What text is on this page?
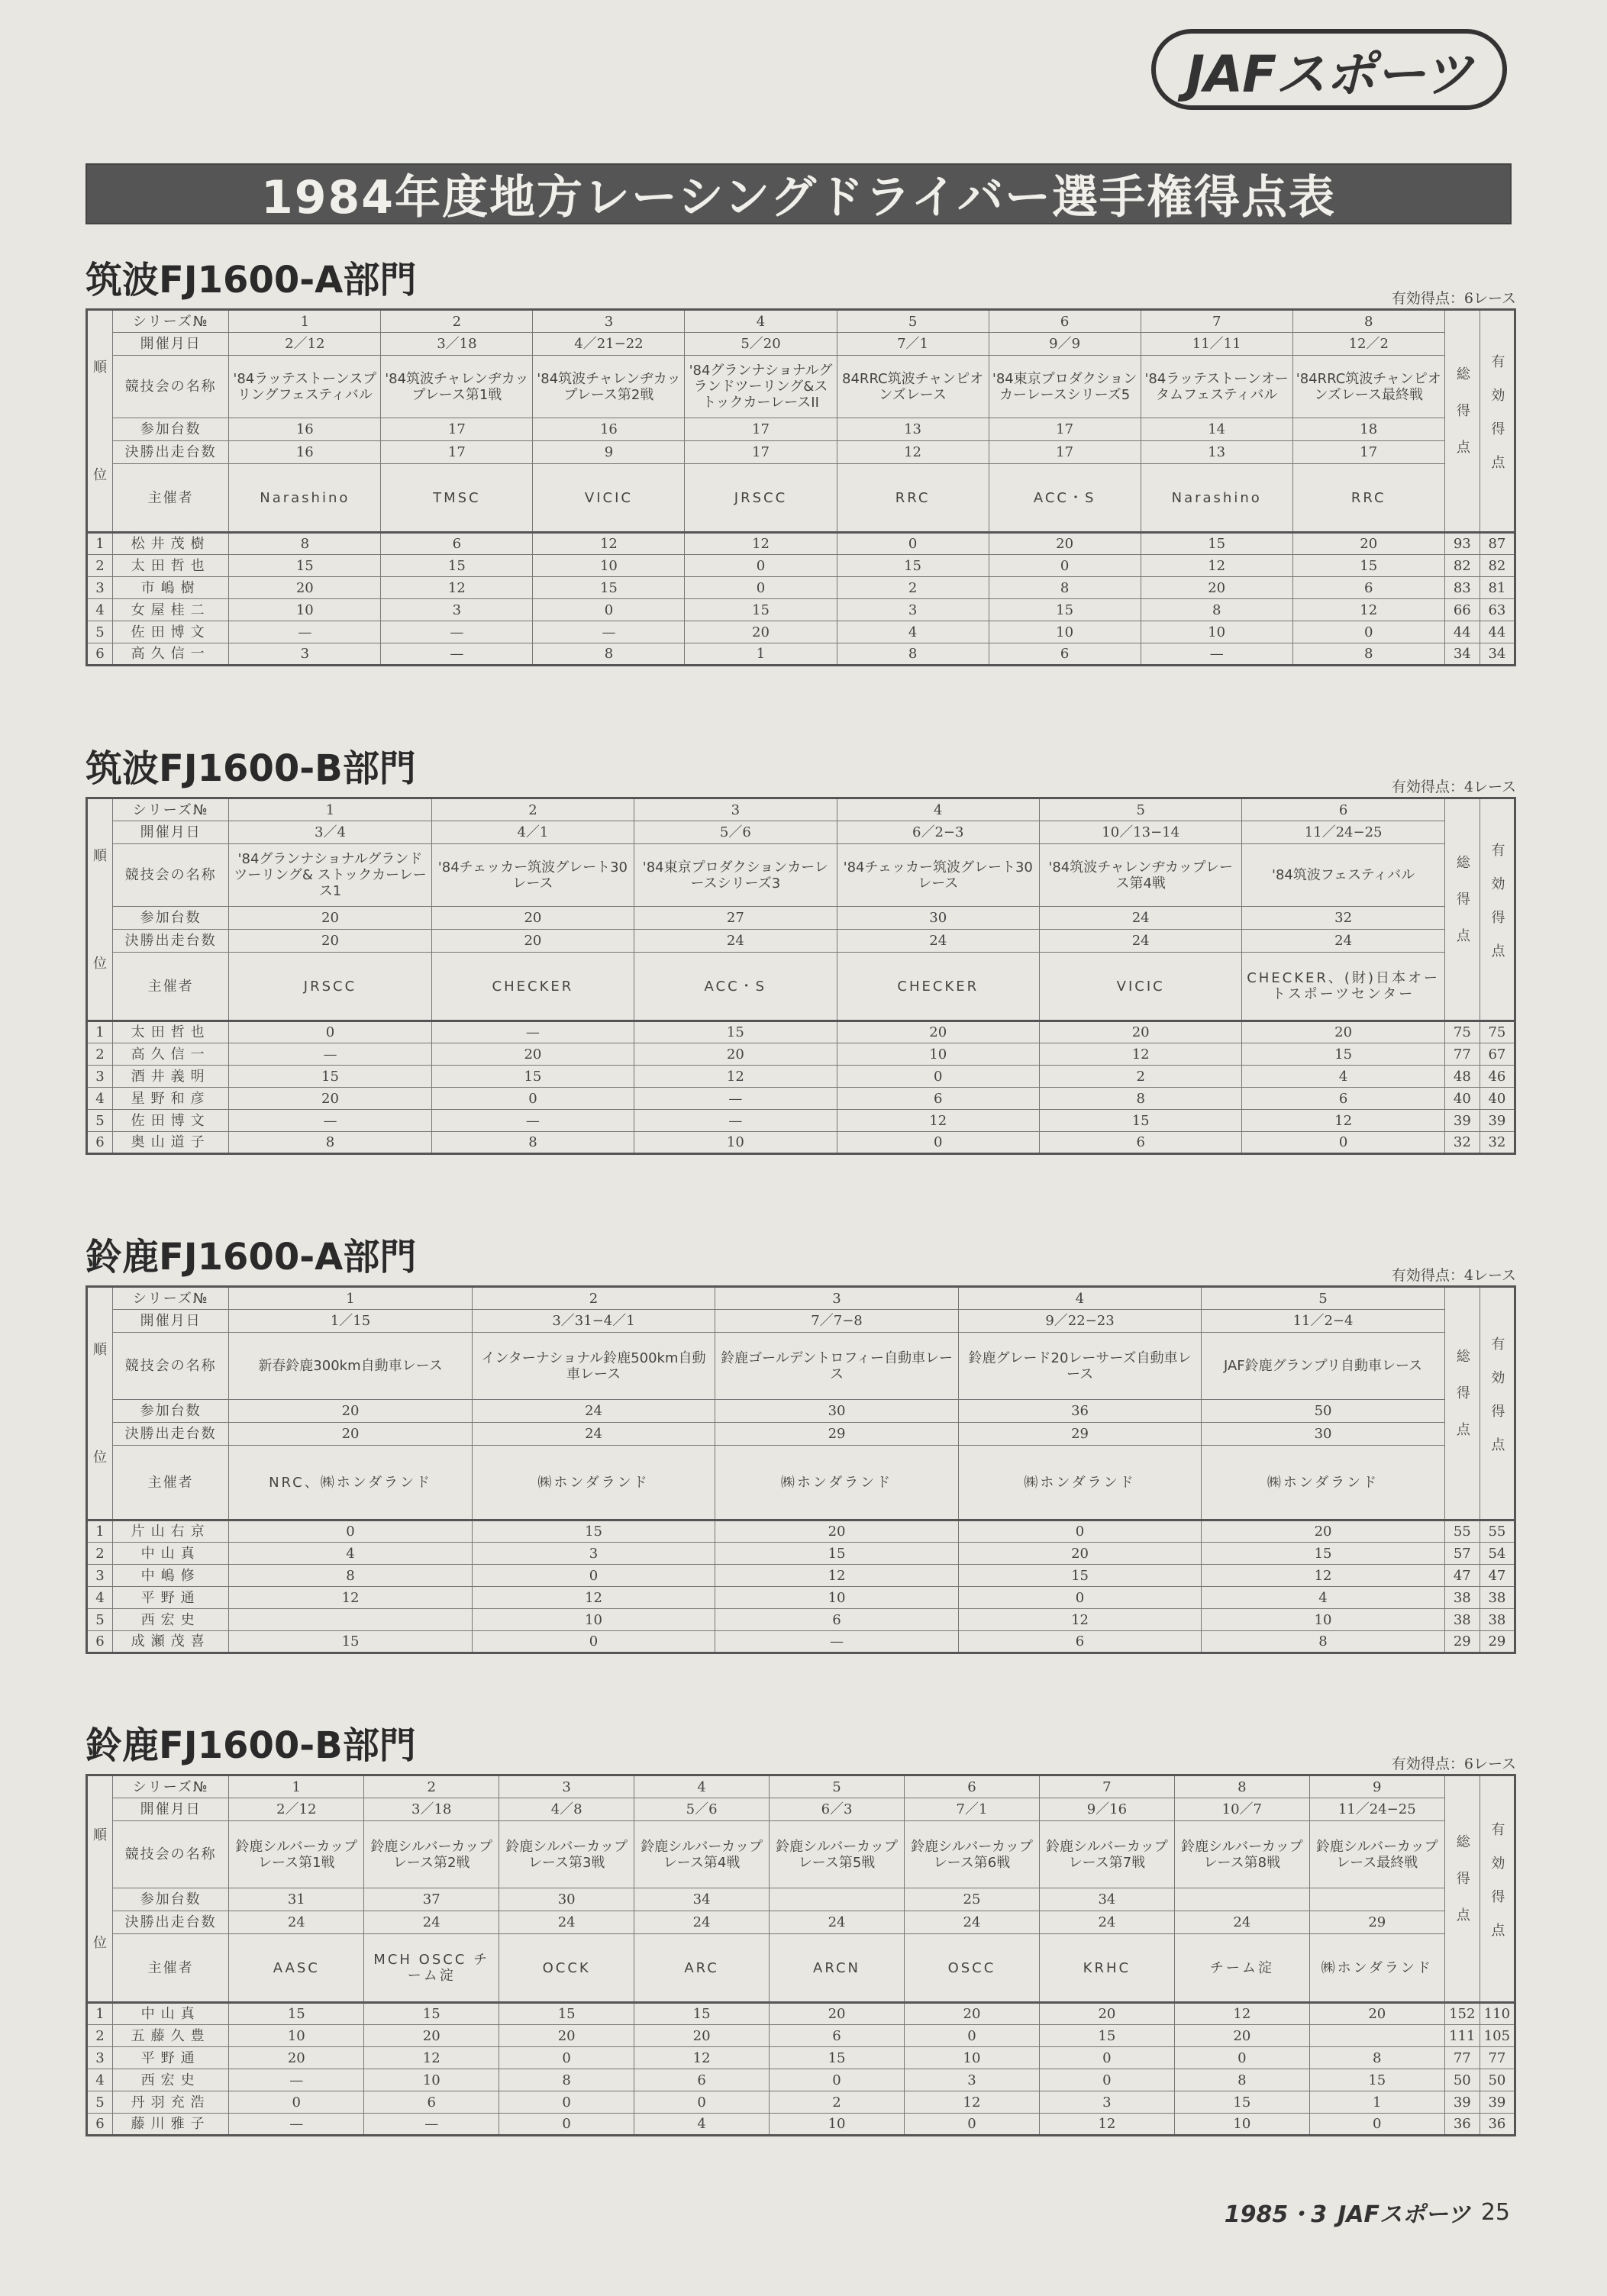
JAFスポーツ
1984年度地方レーシングドライバー選手権得点表
筑波FJ1600-A部門	有効得点：6レース
順
位	シリーズ№	1	2	3	4	5	6	7	8	総得点	有効得点
	開催月日	2／12	3／18	4／21−22	5／20	7／1	9／9	11／11	12／2		
	競技会の名称	'84ラッテストーンスプリングフェスティバル	'84筑波チャレンヂカップレース第1戦	'84筑波チャレンヂカップレース第2戦	'84グランナショナルグランドツーリング&ストックカーレースII	84RRC筑波チャンピオンズレース	'84東京プロダクションカーレースシリーズ5	'84ラッテストーンオータムフェスティバル	'84RRC筑波チャンピオンズレース最終戦		
	参加台数	16	17	16	17	13	17	14	18		
	決勝出走台数	16	17	9	17	12	17	13	17		
	主催者	Narashino	TMSC	VICIC	JRSCC	RRC	ACC・S	Narashino	RRC		
1	松井茂樹	8	6	12	12	0	20	15	20	93	87
2	太田哲也	15	15	10	0	15	0	12	15	82	82
3	市嶋樹	20	12	15	0	2	8	20	6	83	81
4	女屋桂二	10	3	0	15	3	15	8	12	66	63
5	佐田博文	—	—	—	20	4	10	10	0	44	44
6	高久信一	3	—	8	1	8	6	—	8	34	34
筑波FJ1600-B部門	有効得点：4レース
順
位	シリーズ№	1	2	3	4	5	6	総得点	有効得点
	開催月日	3／4	4／1	5／6	6／2−3	10／13−14	11／24−25		
	競技会の名称	'84グランナショナルグランドツーリング& ストックカーレース1	'84チェッカー筑波グレート30レース	'84東京プロダクションカーレースシリーズ3	'84チェッカー筑波グレート30レース	'84筑波チャレンヂカップレース第4戦	'84筑波フェスティバル		
	参加台数	20	20	27	30	24	32		
	決勝出走台数	20	20	24	24	24	24		
	主催者	JRSCC	CHECKER	ACC・S	CHECKER	VICIC	CHECKER、(財)日本オートスポーツセンター		
1	太田哲也	0	—	15	20	20	20	75	75
2	高久信一	—	20	20	10	12	15	77	67
3	酒井義明	15	15	12	0	2	4	48	46
4	星野和彦	20	0	—	6	8	6	40	40
5	佐田博文	—	—	—	12	15	12	39	39
6	奥山道子	8	8	10	0	6	0	32	32
鈴鹿FJ1600-A部門	有効得点：4レース
順
位	シリーズ№	1	2	3	4	5	総得点	有効得点
	開催月日	1／15	3／31−4／1	7／7−8	9／22−23	11／2−4		
	競技会の名称	新春鈴鹿300km自動車レース	インターナショナル鈴鹿500km自動車レース	鈴鹿ゴールデントロフィー自動車レース	鈴鹿グレード20レーサーズ自動車レース	JAF鈴鹿グランプリ自動車レース		
	参加台数	20	24	30	36	50		
	決勝出走台数	20	24	29	29	30		
	主催者	NRC、㈱ホンダランド	㈱ホンダランド	㈱ホンダランド	㈱ホンダランド	㈱ホンダランド		
1	片山右京	0	15	20	0	20	55	55
2	中山真	4	3	15	20	15	57	54
3	中嶋修	8	0	12	15	12	47	47
4	平野通	12	12	10	0	4	38	38
5	西宏史		10	6	12	10	38	38
6	成瀬茂喜	15	0	—	6	8	29	29
鈴鹿FJ1600-B部門	有効得点：6レース
順
位	シリーズ№	1	2	3	4	5	6	7	8	9	総得点	有効得点
	開催月日	2／12	3／18	4／8	5／6	6／3	7／1	9／16	10／7	11／24−25		
	競技会の名称	鈴鹿シルバーカップレース第1戦	鈴鹿シルバーカップレース第2戦	鈴鹿シルバーカップレース第3戦	鈴鹿シルバーカップレース第4戦	鈴鹿シルバーカップレース第5戦	鈴鹿シルバーカップレース第6戦	鈴鹿シルバーカップレース第7戦	鈴鹿シルバーカップレース第8戦	鈴鹿シルバーカップレース最終戦		
	参加台数	31	37	30	34		25	34				
	決勝出走台数	24	24	24	24	24	24	24	24	29		
	主催者	AASC	MCH OSCC チーム淀	OCCK	ARC	ARCN	OSCC	KRHC	チーム淀	㈱ホンダランド		
1	中山真	15	15	15	15	20	20	20	12	20	152	110
2	五藤久豊	10	20	20	20	6	0	15	20		111	105
3	平野通	20	12	0	12	15	10	0	0	8	77	77
4	西宏史	—	10	8	6	0	3	0	8	15	50	50
5	丹羽充浩	0	6	0	0	2	12	3	15	1	39	39
6	藤川雅子	—	—	0	4	10	0	12	10	0	36	36
1985・3 JAFスポーツ 25
